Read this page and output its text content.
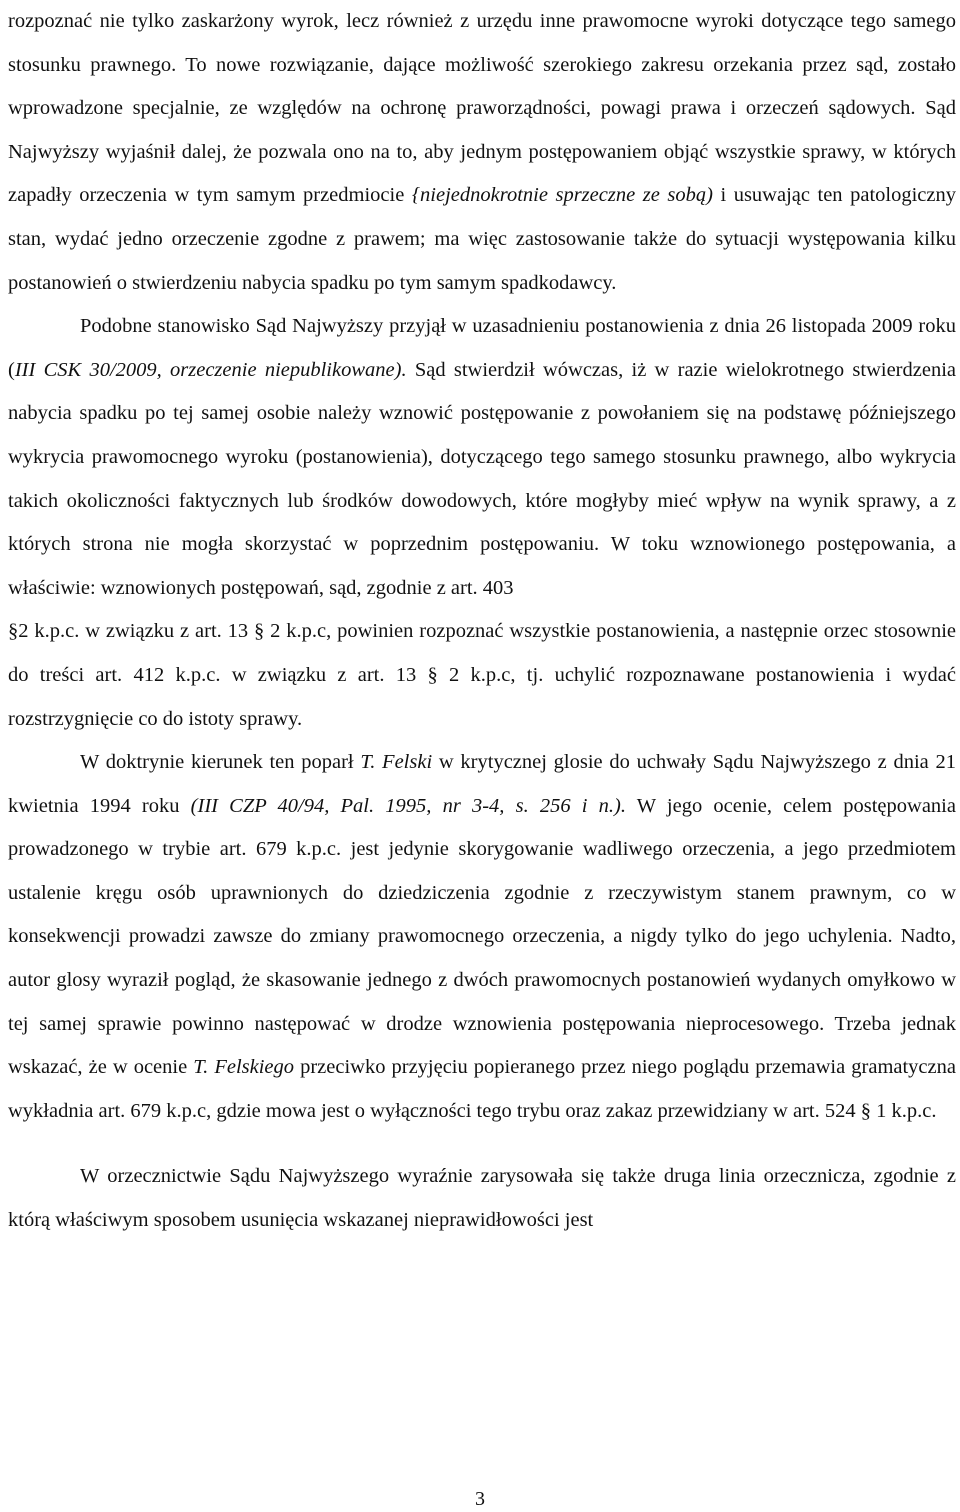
rozpoznać nie tylko zaskarżony wyrok, lecz również z urzędu inne prawomocne wyroki dotyczące tego samego stosunku prawnego. To nowe rozwiązanie, dające możliwość szerokiego zakresu orzekania przez sąd, zostało wprowadzone specjalnie, ze względów na ochronę praworządności, powagi prawa i orzeczeń sądowych. Sąd Najwyższy wyjaśnił dalej, że pozwala ono na to, aby jednym postępowaniem objąć wszystkie sprawy, w których zapadły orzeczenia w tym samym przedmiocie {niejednokrotnie sprzeczne ze sobą) i usuwając ten patologiczny stan, wydać jedno orzeczenie zgodne z prawem; ma więc zastosowanie także do sytuacji występowania kilku postanowień o stwierdzeniu nabycia spadku po tym samym spadkodawcy.

Podobne stanowisko Sąd Najwyższy przyjął w uzasadnieniu postanowienia z dnia 26 listopada 2009 roku (III CSK 30/2009, orzeczenie niepublikowane). Sąd stwierdził wówczas, iż w razie wielokrotnego stwierdzenia nabycia spadku po tej samej osobie należy wznowić postępowanie z powołaniem się na podstawę późniejszego wykrycia prawomocnego wyroku (postanowienia), dotyczącego tego samego stosunku prawnego, albo wykrycia takich okoliczności faktycznych lub środków dowodowych, które mogłyby mieć wpływ na wynik sprawy, a z których strona nie mogła skorzystać w poprzednim postępowaniu. W toku wznowionego postępowania, a właściwie: wznowionych postępowań, sąd, zgodnie z art. 403
§2 k.p.c. w związku z art. 13 § 2 k.p.c, powinien rozpoznać wszystkie postanowienia, a następnie orzec stosownie do treści art. 412 k.p.c. w związku z art. 13 § 2 k.p.c, tj. uchylić rozpoznawane postanowienia i wydać rozstrzygnięcie co do istoty sprawy.

W doktrynie kierunek ten poparł T. Felski w krytycznej glosie do uchwały Sądu Najwyższego z dnia 21 kwietnia 1994 roku (III CZP 40/94, Pal. 1995, nr 3-4, s. 256 i n.). W jego ocenie, celem postępowania prowadzonego w trybie art. 679 k.p.c. jest jedynie skorygowanie wadliwego orzeczenia, a jego przedmiotem ustalenie kręgu osób uprawnionych do dziedziczenia zgodnie z rzeczywistym stanem prawnym, co w konsekwencji prowadzi zawsze do zmiany prawomocnego orzeczenia, a nigdy tylko do jego uchylenia. Nadto, autor glosy wyraził pogląd, że skasowanie jednego z dwóch prawomocnych postanowień wydanych omyłkowo w tej samej sprawie powinno następować w drodze wznowienia postępowania nieprocesowego. Trzeba jednak wskazać, że w ocenie T. Felskiego przeciwko przyjęciu popieranego przez niego poglądu przemawia gramatyczna wykładnia art. 679 k.p.c, gdzie mowa jest o wyłączności tego trybu oraz zakaz przewidziany w art. 524 § 1 k.p.c.

W orzecznictwie Sądu Najwyższego wyraźnie zarysowała się także druga linia orzecznicza, zgodnie z którą właściwym sposobem usunięcia wskazanej nieprawidłowości jest

3
